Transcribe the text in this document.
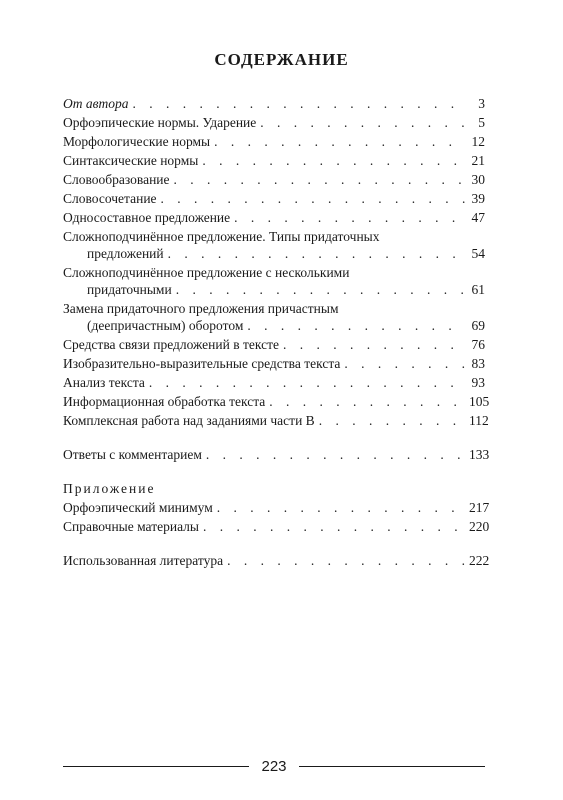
СОДЕРЖАНИЕ
От автора . . .	3
Орфоэпические нормы. Ударение . . .	5
Морфологические нормы . . .	12
Синтаксические нормы . . .	21
Словообразование . . .	30
Словосочетание . . .	39
Односоставное предложение . . .	47
Сложноподчинённое предложение. Типы придаточных
предложений . . .	54
Сложноподчинённое предложение с несколькими
придаточными . . .	61
Замена придаточного предложения причастным
(деепричастным) оборотом . . .	69
Средства связи предложений в тексте . . .	76
Изобразительно-выразительные средства текста . . .	83
Анализ текста . . .	93
Информационная обработка текста . . .	105
Комплексная работа над заданиями части В . . .	112
Ответы с комментарием . . .	133
Приложение
Орфоэпический минимум . . .	217
Справочные материалы . . .	220
Использованная литература . . .	222
223
